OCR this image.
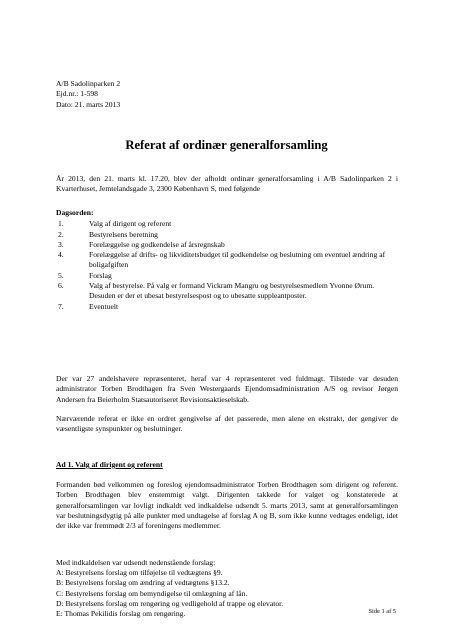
A/B Sadolinparken 2
Ejd.nr.: 1-598
Dato: 21. marts 2013
Referat af ordinær generalforsamling
År 2013, den 21. marts kl. 17.20, blev der afholdt ordinær generalforsamling i A/B Sadolinparken 2 i Kvarterhuset, Jemtelandsgade 3, 2300 København S, med følgende
Dagsorden:
1.	Valg af dirigent og referent
2.	Bestyrelsens beretning
3.	Forelæggelse og godkendelse af årsregnskab
4.	Forelæggelse af drifts- og likviditetsbudget til godkendelse og beslutning om eventuel ændring af boligafgiften
5.	Forslag
6.	Valg af bestyrelse. På valg er formand Vickram Mangru og bestyrelsesmedlem Yvonne Ørum. Desuden er der et ubesat bestyrelsespost og to ubesatte suppleantposter.
7.	Eventuelt
Der var 27 andelshavere repræsenteret, heraf var 4 repræsenteret ved fuldmagt. Tilstede var desuden administrator Torben Brodthagen fra Sven Westergaards Ejendomsadministration A/S og revisor Jørgen Andersen fra Beierholm Statsautoriseret Revisionsaktieselskab.
Nærværende referat er ikke en ordret gengivelse af det passerede, men alene en ekstrakt, der gengiver de væsentligste synspunkter og beslutninger.
Ad 1. Valg af dirigent og referent
Formanden bød velkommen og foreslog ejendomsadministrator Torben Brodthagen som dirigent og referent. Torben Brodthagen blev enstemmigt valgt. Dirigenten takkede for valget og konstaterede at generalforsamlingen var lovligt indkaldt ved indkaldelse udsendt 5. marts 2013, samt at generalforsamlingen var beslutningsdygtig på alle punkter med undtagelse af forslag A og B, som ikke kunne vedtages endeligt, idet der ikke var fremmødt 2/3 af foreningens medlemmer.
Med indkaldelsen var udsendt nedenstående forslag:
A: Bestyrelsens forslag om tilføjelse til vedtægtens §9.
B: Bestyrelsens forslag om ændring af vedtægtens §13.2.
C: Bestyrelsens forslag om bemyndigelse til omlægning af lån.
D: Bestyrelsens forslag om rengøring og vedligehold af trappe og elevator.
E: Thomas Pekilidis forslag om rengøring.	Side 1 af 5
